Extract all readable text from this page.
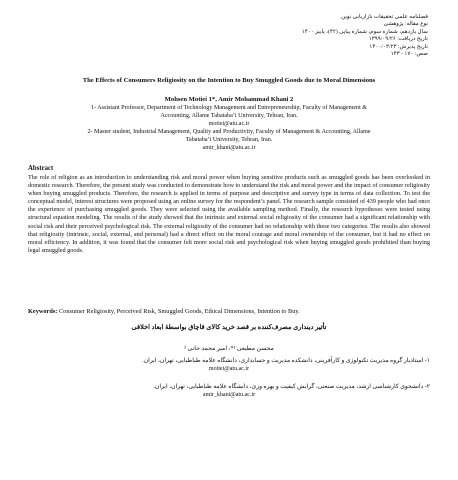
فصلنامه علمی تحقیقات بازاریابی نوین
نوع مقاله: پژوهشی
سال یازدهم، شماره سوم، شماره پیاپی (۴۲)، پاییز ۱۴۰۰
تاریخ دریافت: ۱۳۹۹/۰۹/۲۶
تاریخ پذیرش: ۱۴۰۰/۰۳/۲۳
صص: ۱۷۰ - ۱۴۳
The Effects of Consumers Religiosity on the Intention to Buy Smuggled Goods due to Moral Dimensions
Mohsen Motiei 1*, Amir Mohammad Khani 2
1- Assistant Professor, Department of Technology Management and Entrepreneurship, Faculty of Management &
Accounting, Allame Tabataba’i University, Tehran, Iran.
motiei@atu.ac.ir
2- Master student, Industrial Management, Quality and Productivity, Faculty of Management & Accounting, Allame
Tabataba’i University, Tehran, Iran.
amir_khani@atu.ac.ir
Abstract
The role of religion as an introduction to understanding risk and moral power when buying sensitive products such as smuggled goods has been overlooked in domestic research. Therefore, the present study was conducted to demonstrate how to understand the risk and moral power and the impact of consumer religiosity when buying smuggled products. Therefore, the research is applied in terms of purpose and descriptive and survey type in terms of data collection. To test the conceptual model, interest structures were proposed using an online survey for the respondent’s panel. The research sample consisted of 439 people who had once the experience of purchasing smuggled goods. They were selected using the available sampling method. Finally, the research hypotheses were tested using structural equation modeling. The results of the study showed that the intrinsic and external social religiosity of the consumer had a significant relationship with social risk and their perceived psychological risk. The external religiosity of the consumer had no relationship with these two categories. The results also showed that religiosity (intrinsic, social, external, and personal) had a direct effect on the moral courage and moral ownership of the consumer, but it had no effect on moral efficiency. In addition, it was found that the consumer felt more social risk and psychological risk when buying smuggled goods prohibited than buying legal smuggled goods.
Keywords: Consumer Religiosity, Perceived Risk, Smuggled Goods, Ethical Dimensions, Intention to Buy.
تأثیر دینداری مصرف‌کننده بر قصد خرید کالای قاچاق بواسطۀ ابعاد اخلاقی
محسن مطیعی ¹*، امیر محمد خانی ²
۱- استادیار گروه مدیریت تکنولوژی و کارآفرینی، دانشکده مدیریت و حسابداری، دانشگاه علامه طباطبایی، تهران، ایران.
motiei@atu.ac.ir
۲- دانشجوی کارشناسی ارشد، مدیریت صنعتی، گرایش کیفیت و بهره وری، دانشگاه علامه طباطبایی، تهران، ایران.
amir_khani@atu.ac.ir
